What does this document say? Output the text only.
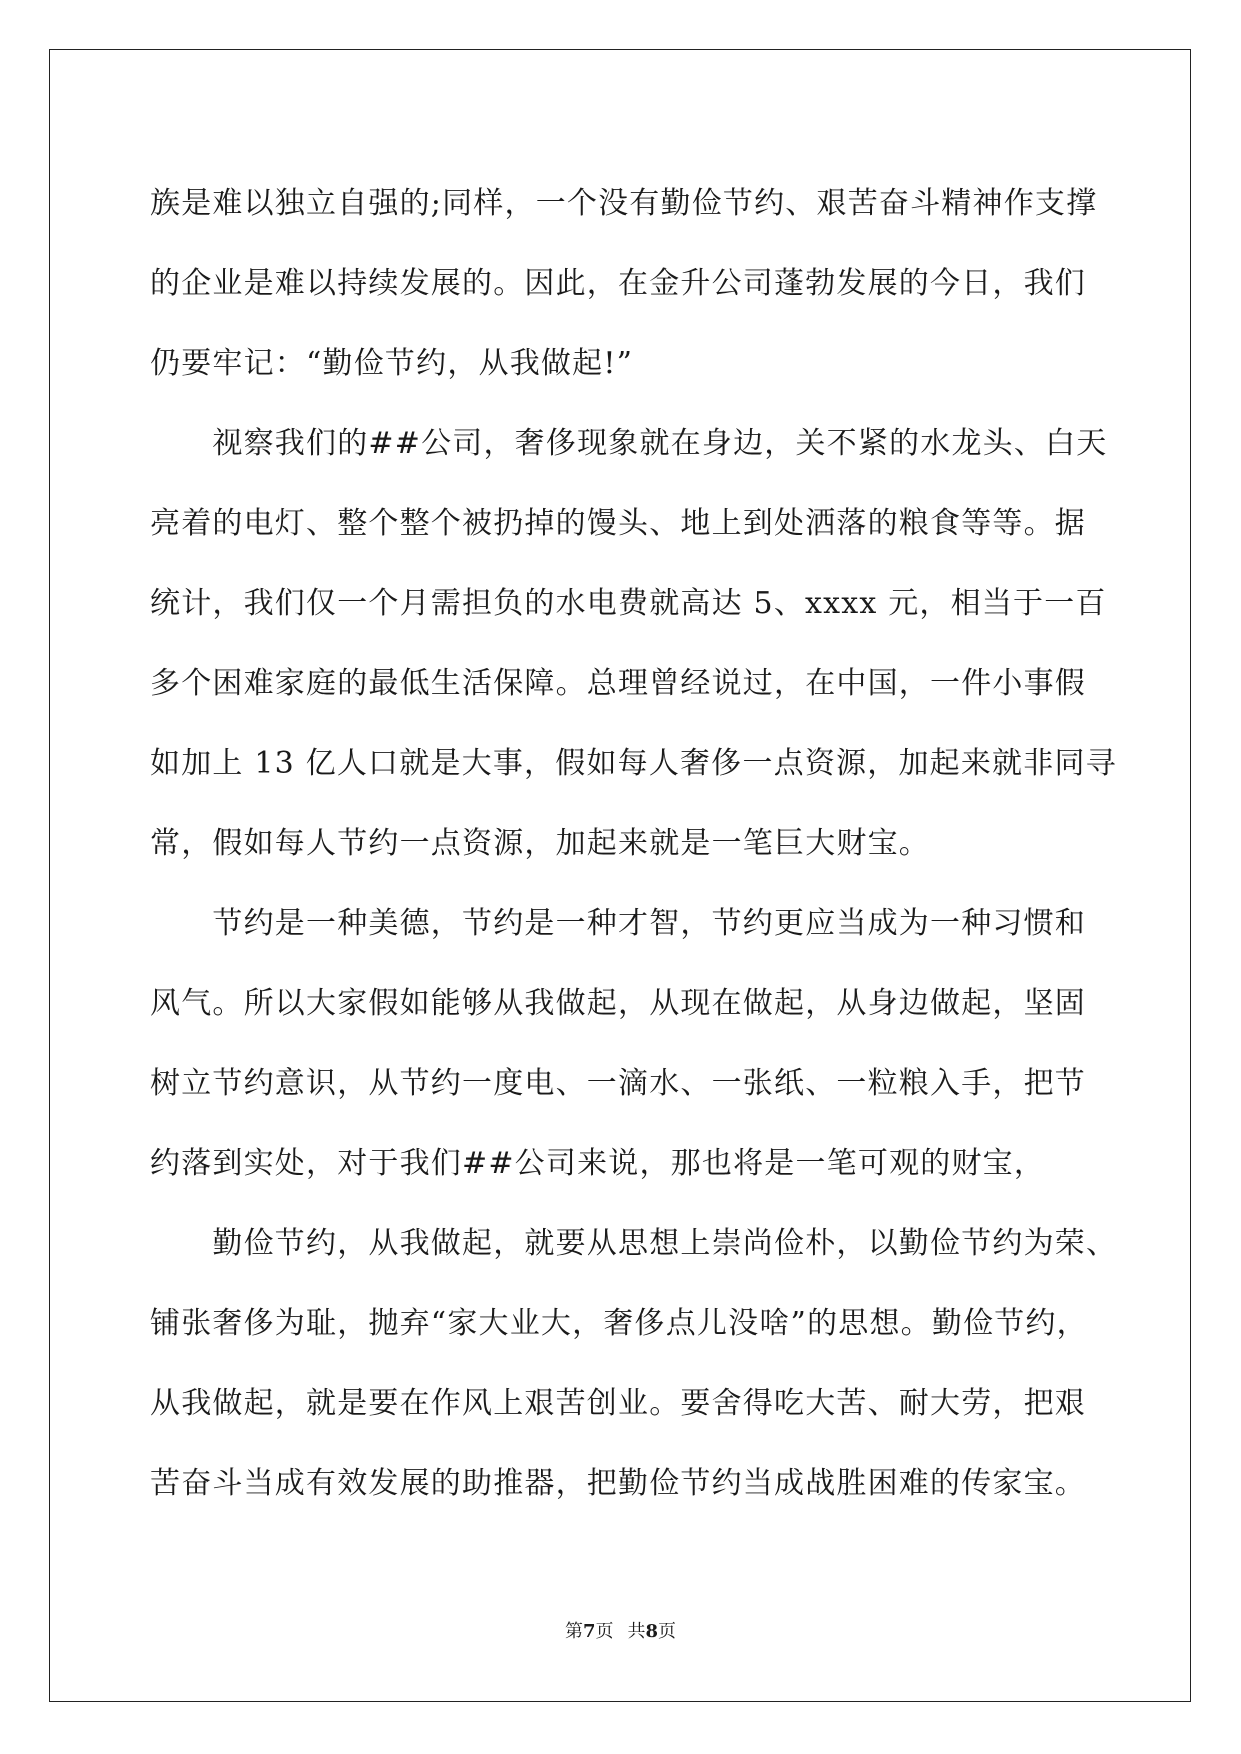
族是难以独立自强的;同样，一个没有勤俭节约、艰苦奋斗精神作支撑
的企业是难以持续发展的。因此，在金升公司蓬勃发展的今日，我们
仍要牢记：“勤俭节约，从我做起!”
　　视察我们的##公司，奢侈现象就在身边，关不紧的水龙头、白天
亮着的电灯、整个整个被扔掉的馒头、地上到处洒落的粮食等等。据
统计，我们仅一个月需担负的水电费就高达 5、xxxx 元，相当于一百
多个困难家庭的最低生活保障。总理曾经说过，在中国，一件小事假
如加上 13 亿人口就是大事，假如每人奢侈一点资源，加起来就非同寻
常，假如每人节约一点资源，加起来就是一笔巨大财宝。
　　节约是一种美德，节约是一种才智，节约更应当成为一种习惯和
风气。所以大家假如能够从我做起，从现在做起，从身边做起，坚固
树立节约意识，从节约一度电、一滴水、一张纸、一粒粮入手，把节
约落到实处，对于我们##公司来说，那也将是一笔可观的财宝，
　　勤俭节约，从我做起，就要从思想上崇尚俭朴，以勤俭节约为荣、
铺张奢侈为耻，抛弃“家大业大，奢侈点儿没啥”的思想。勤俭节约，
从我做起，就是要在作风上艰苦创业。要舍得吃大苦、耐大劳，把艰
苦奋斗当成有效发展的助推器，把勤俭节约当成战胜困难的传家宝。
第7页 共8页
